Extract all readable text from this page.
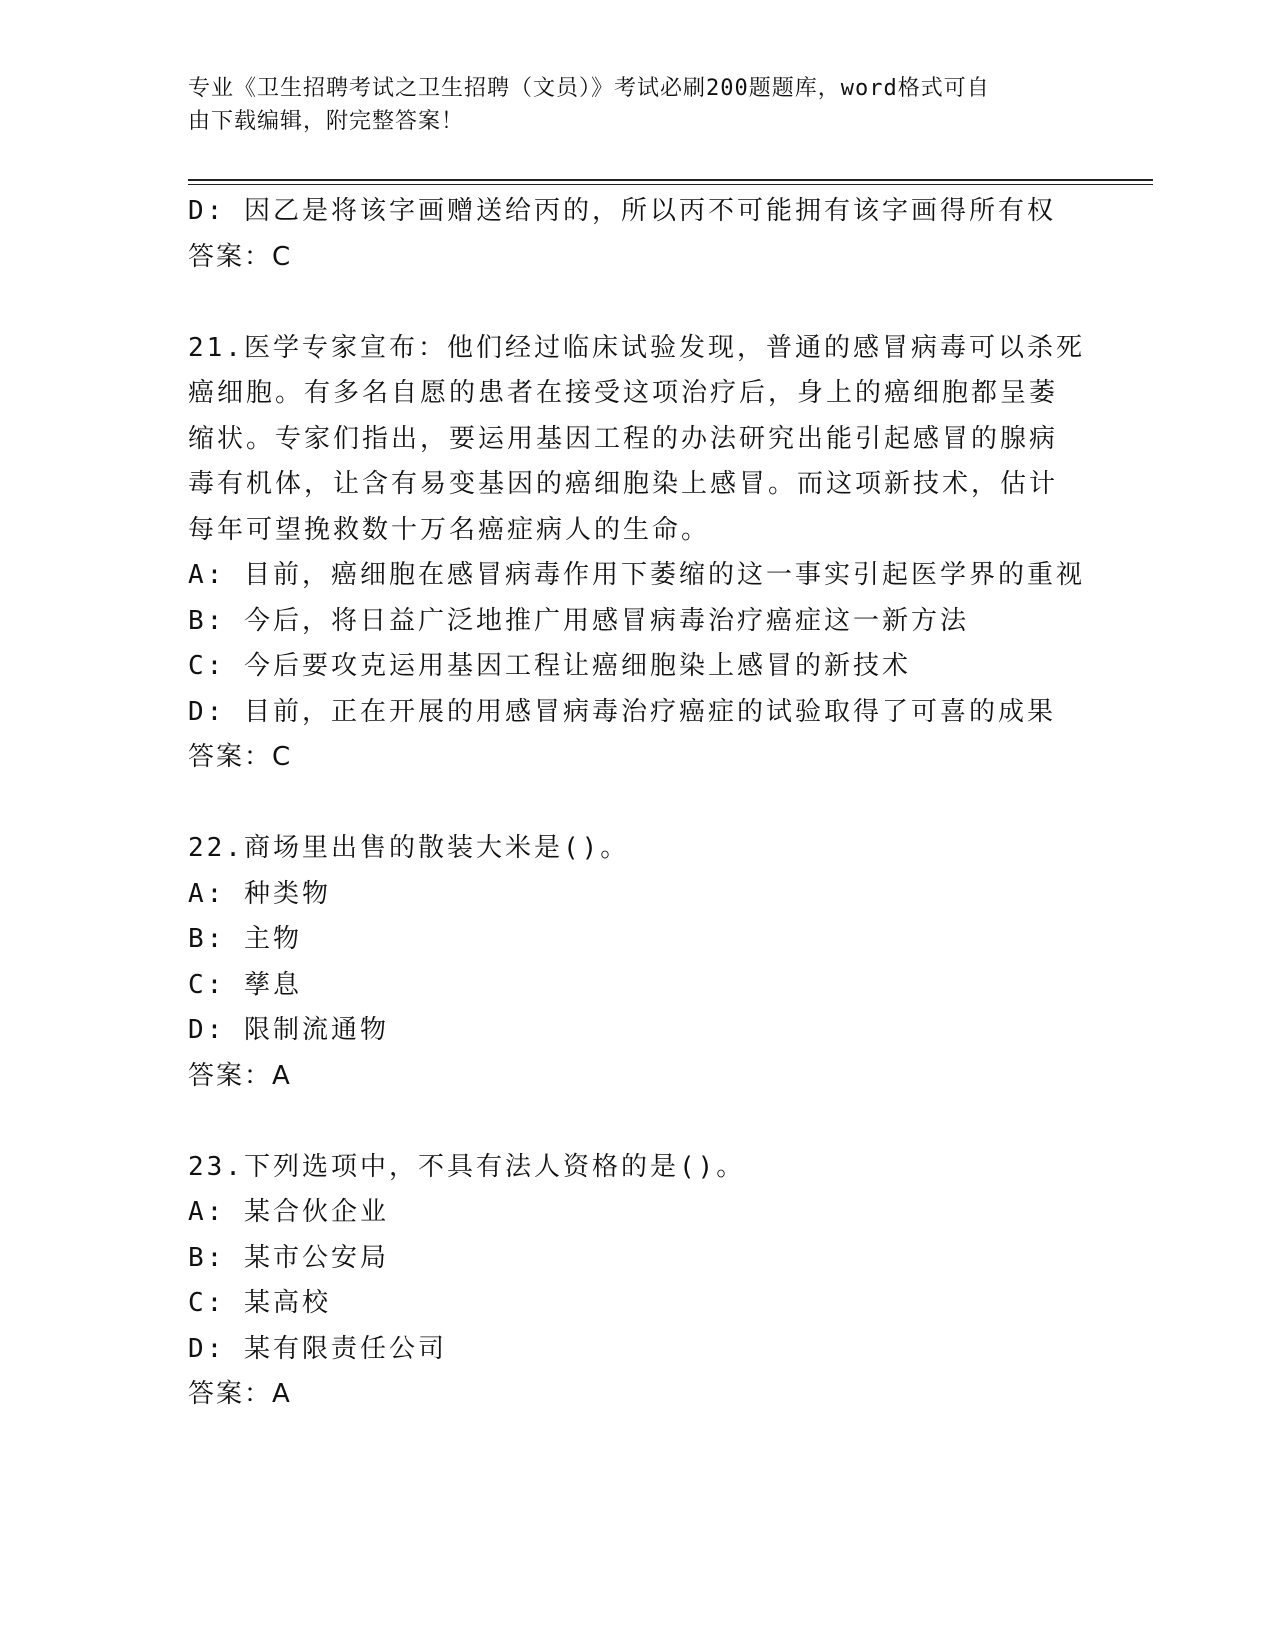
专业《卫生招聘考试之卫生招聘（文员）》考试必刷200题题库，word格式可自
由下载编辑，附完整答案！
D: 因乙是将该字画赠送给丙的，所以丙不可能拥有该字画得所有权
答案：C
21.医学专家宣布：他们经过临床试验发现，普通的感冒病毒可以杀死
癌细胞。有多名自愿的患者在接受这项治疗后，身上的癌细胞都呈萎
缩状。专家们指出，要运用基因工程的办法研究出能引起感冒的腺病
毒有机体，让含有易变基因的癌细胞染上感冒。而这项新技术，估计
每年可望挽救数十万名癌症病人的生命。
A: 目前，癌细胞在感冒病毒作用下萎缩的这一事实引起医学界的重视
B: 今后，将日益广泛地推广用感冒病毒治疗癌症这一新方法
C: 今后要攻克运用基因工程让癌细胞染上感冒的新技术
D: 目前，正在开展的用感冒病毒治疗癌症的试验取得了可喜的成果
答案：C
22.商场里出售的散装大米是()。
A: 种类物
B: 主物
C: 孳息
D: 限制流通物
答案：A
23.下列选项中，不具有法人资格的是()。
A: 某合伙企业
B: 某市公安局
C: 某高校
D: 某有限责任公司
答案：A
